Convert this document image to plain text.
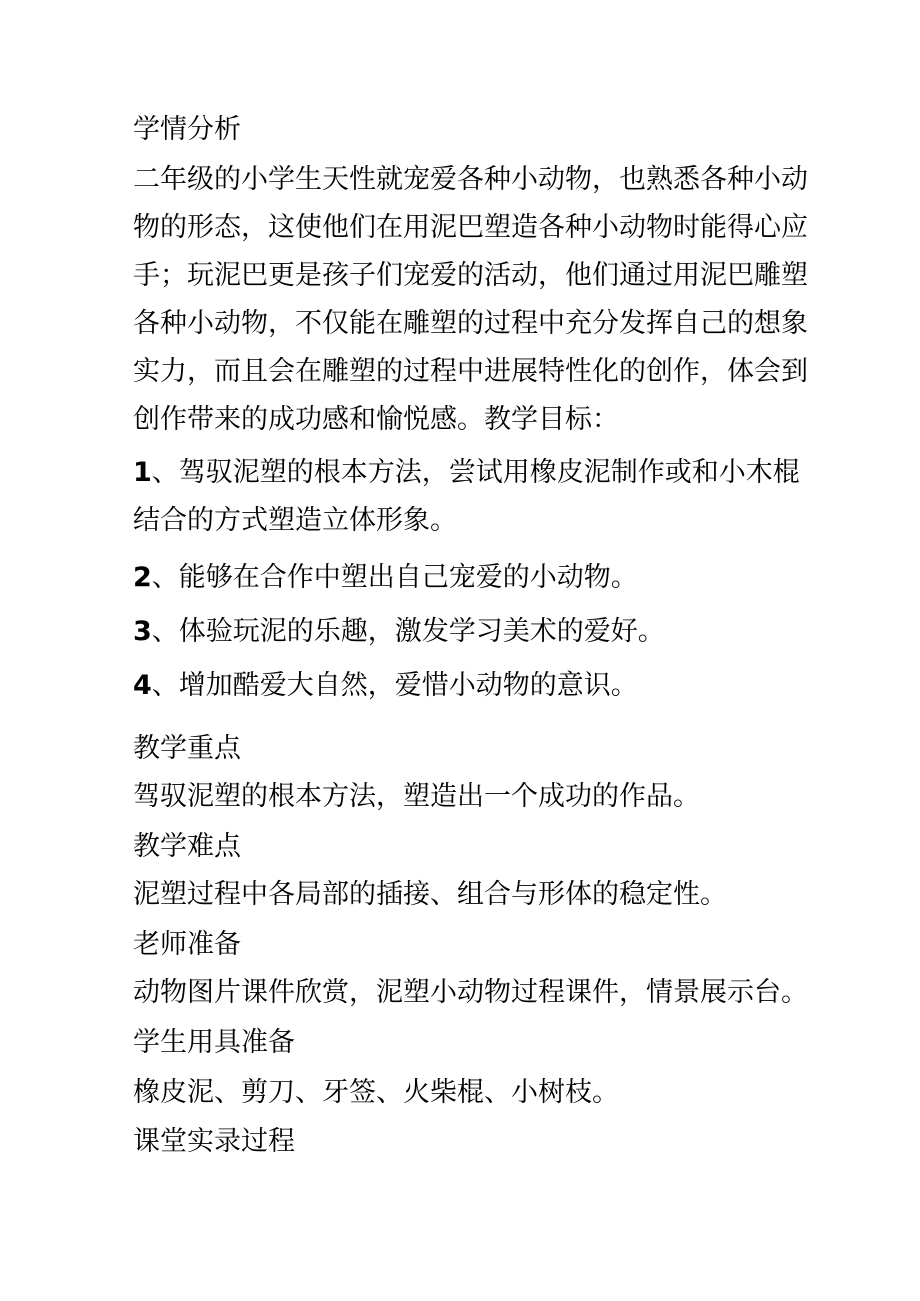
学情分析
二年级的小学生天性就宠爱各种小动物，也熟悉各种小动
物的形态，这使他们在用泥巴塑造各种小动物时能得心应
手；玩泥巴更是孩子们宠爱的活动，他们通过用泥巴雕塑
各种小动物，不仅能在雕塑的过程中充分发挥自己的想象
实力，而且会在雕塑的过程中进展特性化的创作，体会到
创作带来的成功感和愉悦感。教学目标：
1、驾驭泥塑的根本方法，尝试用橡皮泥制作或和小木棍
结合的方式塑造立体形象。
2、能够在合作中塑出自己宠爱的小动物。
3、体验玩泥的乐趣，激发学习美术的爱好。
4、增加酷爱大自然，爱惜小动物的意识。
教学重点
驾驭泥塑的根本方法，塑造出一个成功的作品。
教学难点
泥塑过程中各局部的插接、组合与形体的稳定性。
老师准备
动物图片课件欣赏，泥塑小动物过程课件，情景展示台。
学生用具准备
橡皮泥、剪刀、牙签、火柴棍、小树枝。
课堂实录过程
